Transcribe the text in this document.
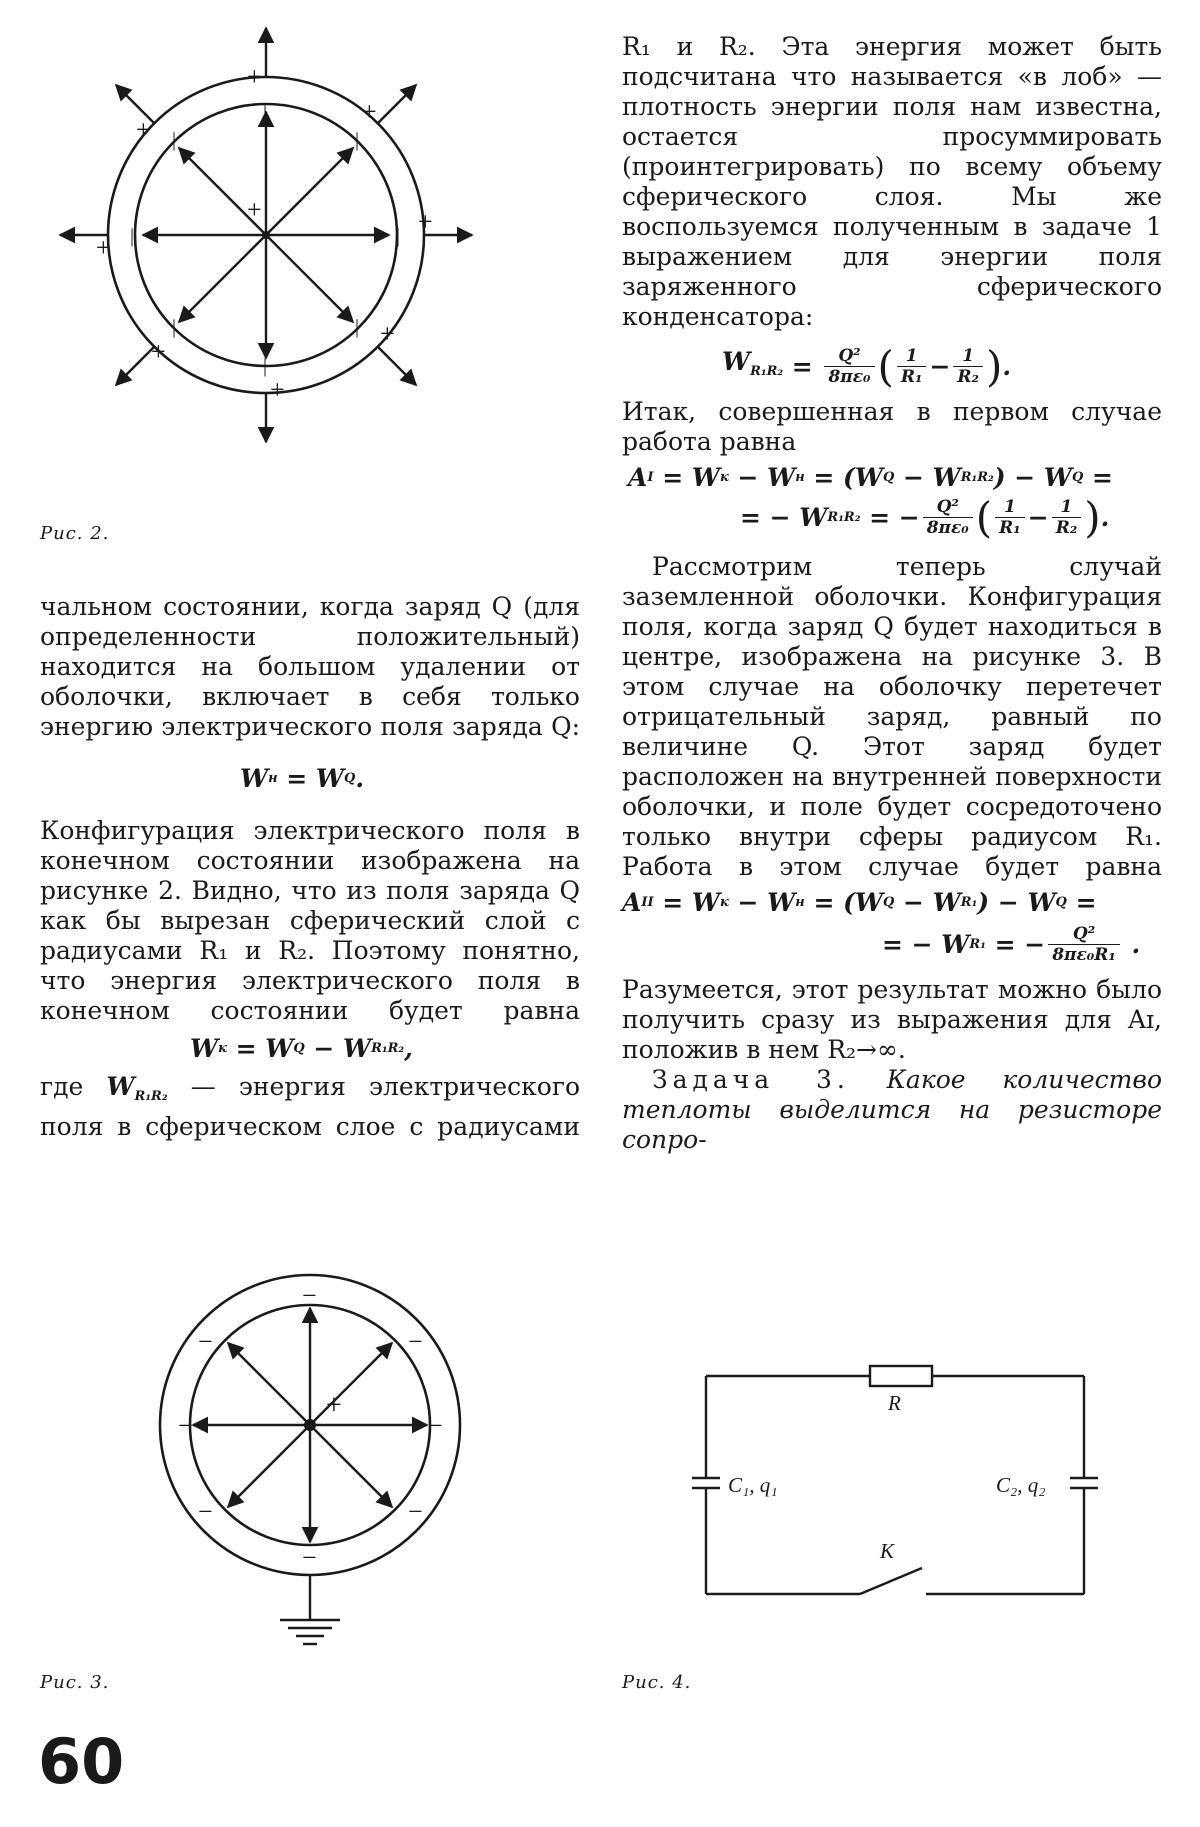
+
+
+
+
+
+
+
+
+
|
|
|	|
|	|
|	|
Рис. 2.

R₁ и R₂. Эта энергия может быть подсчитана что называется «в лоб» — плотность энергии поля нам известна, остается просуммировать (проинтегрировать) по всему объему сферического слоя. Мы же воспользуемся полученным в задаче 1 выражением для энергии поля заряженного сферического конденсатора:

$W_{R_1R_2} = \frac{\text{Q²}}{\text{8πε₀}}$ ( $\frac{1}{\text{R₁}} - \frac{1}{\text{R₂}}$ ) .

Итак, совершенная в первом случае работа равна

A I = W к − W н = (W Q − W R₁R₂ ) − W Q =
= − W R₁R₂ = − $\frac{\text{Q²}}{\text{8πε₀}}$ ( $\frac{1}{\text{R₁}} - \frac{1}{\text{R₂}}$ ) .

Рассмотрим теперь случай заземленной оболочки. Конфигурация поля, когда заряд Q будет находиться в центре, изображена на рисунке 3. В этом случае на оболочку перетечет отрицательный заряд, равный по величине Q. Этот заряд будет расположен на внутренней поверхности оболочки, и поле будет сосредоточено только внутри сферы радиусом R₁. Работа в этом случае будет равна

A II = W к − W н = (W Q − W R₁ ) − W Q =
= − W R₁ = − $\frac{\text{Q²}}{\text{8πε₀R₁}}$ .

Разумеется, этот результат можно было получить сразу из выражения для Aɪ, положив в нем R₂→∞.

Задача 3. Какое количество теплоты выделится на резисторе сопро-

чальном состоянии, когда заряд Q (для определенности положительный) находится на большом удалении от оболочки, включает в себя только энергию электрического поля заряда Q:

W н = W Q .

Конфигурация электрического поля в конечном состоянии изображена на рисунке 2. Видно, что из поля заряда Q как бы вырезан сферический слой с радиусами R₁ и R₂. Поэтому понятно, что энергия электрического поля в конечном состоянии будет равна

W к = W Q − W R₁R₂ ,

где $W_{R_1R_2}$ — энергия электрического поля в сферическом слое с радиусами

+
−
−
−	−
−	−
−	−
Рис. 3.
R
C₁, q₁	C₂, q₂
K
Рис. 4.
60
